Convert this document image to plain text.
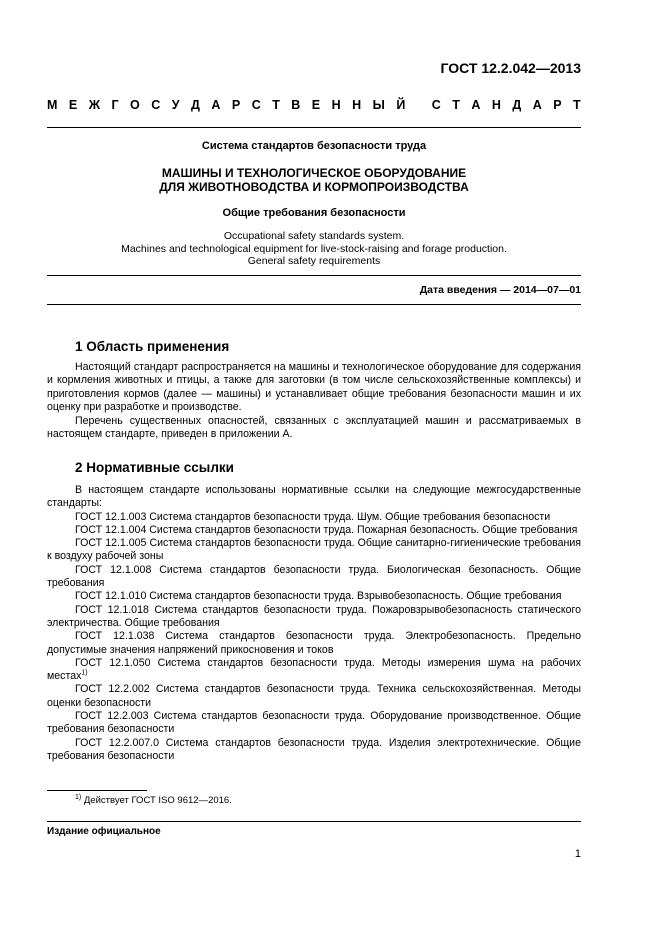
ГОСТ 12.2.042—2013
М Е Ж Г О С У Д А Р С Т В Е Н Н Ы Й
С Т А Н Д А Р Т
Система стандартов безопасности труда
МАШИНЫ И ТЕХНОЛОГИЧЕСКОЕ ОБОРУДОВАНИЕ
ДЛЯ ЖИВОТНОВОДСТВА И КОРМОПРОИЗВОДСТВА
Общие требования безопасности
Occupational safety standards system.
Machines and technological equipment for live-stock-raising and forage production.
General safety requirements
Дата введения — 2014—07—01
1 Область применения
Настоящий стандарт распространяется на машины и технологическое оборудование для содержания и кормления животных и птицы, а также для заготовки (в том числе сельскохозяйственные комплексы) и приготовления кормов (далее — машины) и устанавливает общие требования безопасности машин и их оценку при разработке и производстве.
Перечень существенных опасностей, связанных с эксплуатацией машин и рассматриваемых в настоящем стандарте, приведен в приложении А.
2 Нормативные ссылки
В настоящем стандарте использованы нормативные ссылки на следующие межгосударственные стандарты:
ГОСТ 12.1.003 Система стандартов безопасности труда. Шум. Общие требования безопасности
ГОСТ 12.1.004 Система стандартов безопасности труда. Пожарная безопасность. Общие требования
ГОСТ 12.1.005 Система стандартов безопасности труда. Общие санитарно-гигиенические требования к воздуху рабочей зоны
ГОСТ 12.1.008 Система стандартов безопасности труда. Биологическая безопасность. Общие требования
ГОСТ 12.1.010 Система стандартов безопасности труда. Взрывобезопасность. Общие требования
ГОСТ 12.1.018 Система стандартов безопасности труда. Пожаровзрывобезопасность статического электричества. Общие требования
ГОСТ 12.1.038 Система стандартов безопасности труда. Электробезопасность. Предельно допустимые значения напряжений прикосновения и токов
ГОСТ 12.1.050 Система стандартов безопасности труда. Методы измерения шума на рабочих местах$^{1)}$
ГОСТ 12.2.002 Система стандартов безопасности труда. Техника сельскохозяйственная. Методы оценки безопасности
ГОСТ 12.2.003 Система стандартов безопасности труда. Оборудование производственное. Общие требования безопасности
ГОСТ 12.2.007.0 Система стандартов безопасности труда. Изделия электротехнические. Общие требования безопасности
$^{1)}$ Действует ГОСТ ISO 9612—2016.
Издание официальное
1
